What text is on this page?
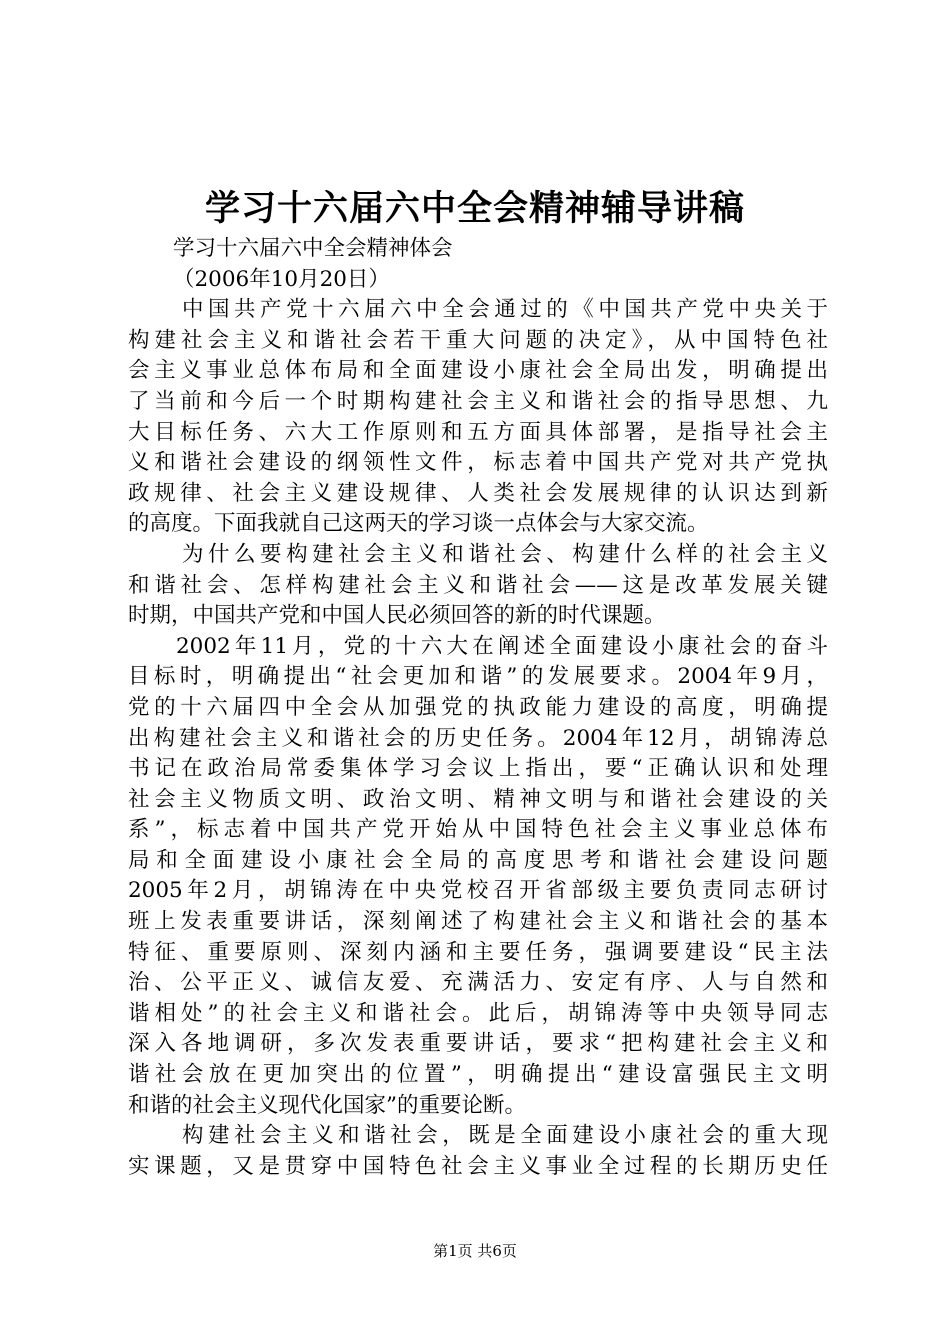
学习十六届六中全会精神辅导讲稿
学习十六届六中全会精神体会
（2006年10月20日）
中国共产党十六届六中全会通过的《中国共产党中央关于
构建社会主义和谐社会若干重大问题的决定》，从中国特色社
会主义事业总体布局和全面建设小康社会全局出发，明确提出
了当前和今后一个时期构建社会主义和谐社会的指导思想、九
大目标任务、六大工作原则和五方面具体部署，是指导社会主
义和谐社会建设的纲领性文件，标志着中国共产党对共产党执
政规律、社会主义建设规律、人类社会发展规律的认识达到新
的高度。下面我就自己这两天的学习谈一点体会与大家交流。
为什么要构建社会主义和谐社会、构建什么样的社会主义
和谐社会、怎样构建社会主义和谐社会——这是改革发展关键
时期，中国共产党和中国人民必须回答的新的时代课题。
2002年11月，党的十六大在阐述全面建设小康社会的奋斗
目标时，明确提出“社会更加和谐”的发展要求。2004年9月，
党的十六届四中全会从加强党的执政能力建设的高度，明确提
出构建社会主义和谐社会的历史任务。2004年12月，胡锦涛总
书记在政治局常委集体学习会议上指出，要“正确认识和处理
社会主义物质文明、政治文明、精神文明与和谐社会建设的关
系”，标志着中国共产党开始从中国特色社会主义事业总体布
局和全面建设小康社会全局的高度思考和谐社会建设问题
2005年2月，胡锦涛在中央党校召开省部级主要负责同志研讨
班上发表重要讲话，深刻阐述了构建社会主义和谐社会的基本
特征、重要原则、深刻内涵和主要任务，强调要建设“民主法
治、公平正义、诚信友爱、充满活力、安定有序、人与自然和
谐相处”的社会主义和谐社会。此后，胡锦涛等中央领导同志
深入各地调研，多次发表重要讲话，要求“把构建社会主义和
谐社会放在更加突出的位置”，明确提出“建设富强民主文明
和谐的社会主义现代化国家”的重要论断。
构建社会主义和谐社会，既是全面建设小康社会的重大现
实课题，又是贯穿中国特色社会主义事业全过程的长期历史任
第1页 共6页
